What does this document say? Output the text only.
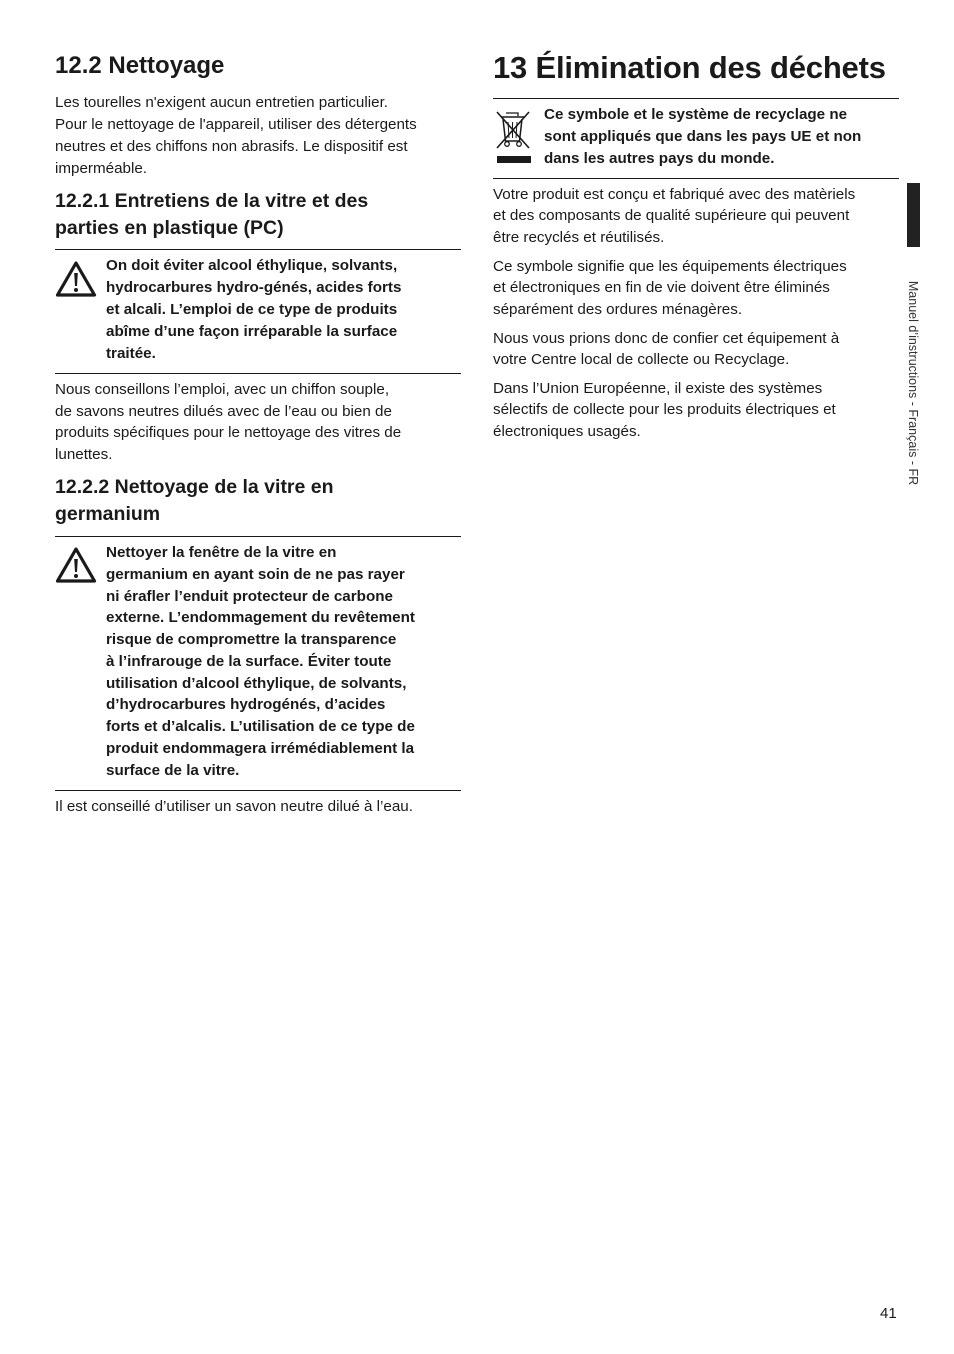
12.2 Nettoyage

Les tourelles n'exigent aucun entretien particulier.

Pour le nettoyage de l'appareil, utiliser des détergents

neutres et des chiffons non abrasifs. Le dispositif est

imperméable.

12.2.1 Entretiens de la vitre et des
parties en plastique (PC)

On doit éviter alcool éthylique, solvants,

hydrocarbures hydro-génés, acides forts

et alcali. L’emploi de ce type de produits

abîme d’une façon irréparable la surface

traitée.

Nous conseillons l’emploi, avec un chiffon souple,

de savons neutres dilués avec de l’eau ou bien de

produits spécifiques pour le nettoyage des vitres de

lunettes.

12.2.2 Nettoyage de la vitre en
germanium

Nettoyer la fenêtre de la vitre en

germanium en ayant soin de ne pas rayer

ni érafler l’enduit protecteur de carbone

externe. L’endommagement du revêtement

risque de compromettre la transparence

à l’infrarouge de la surface. Éviter toute

utilisation d’alcool éthylique, de solvants,

d’hydrocarbures hydrogénés, d’acides

forts et d’alcalis. L’utilisation de ce type de

produit endommagera irrémédiablement la

surface de la vitre.

Il est conseillé d’utiliser un savon neutre dilué à l’eau.

13 Élimination des déchets

Ce symbole et le système de recyclage ne

sont appliqués que dans les pays UE et non

dans les autres pays du monde.

Votre produit est conçu et fabriqué avec des matèriels

et des composants de qualité supérieure qui peuvent

être recyclés et réutilisés.

Ce symbole signifie que les équipements électriques

et électroniques en fin de vie doivent être éliminés

séparément des ordures ménagères.

Nous vous prions donc de confier cet équipement à

votre Centre local de collecte ou Recyclage.

Dans l’Union Européenne, il existe des systèmes

sélectifs de collecte pour les produits électriques et

électroniques usagés.	Manuel d’instructions - Français - FR
41
